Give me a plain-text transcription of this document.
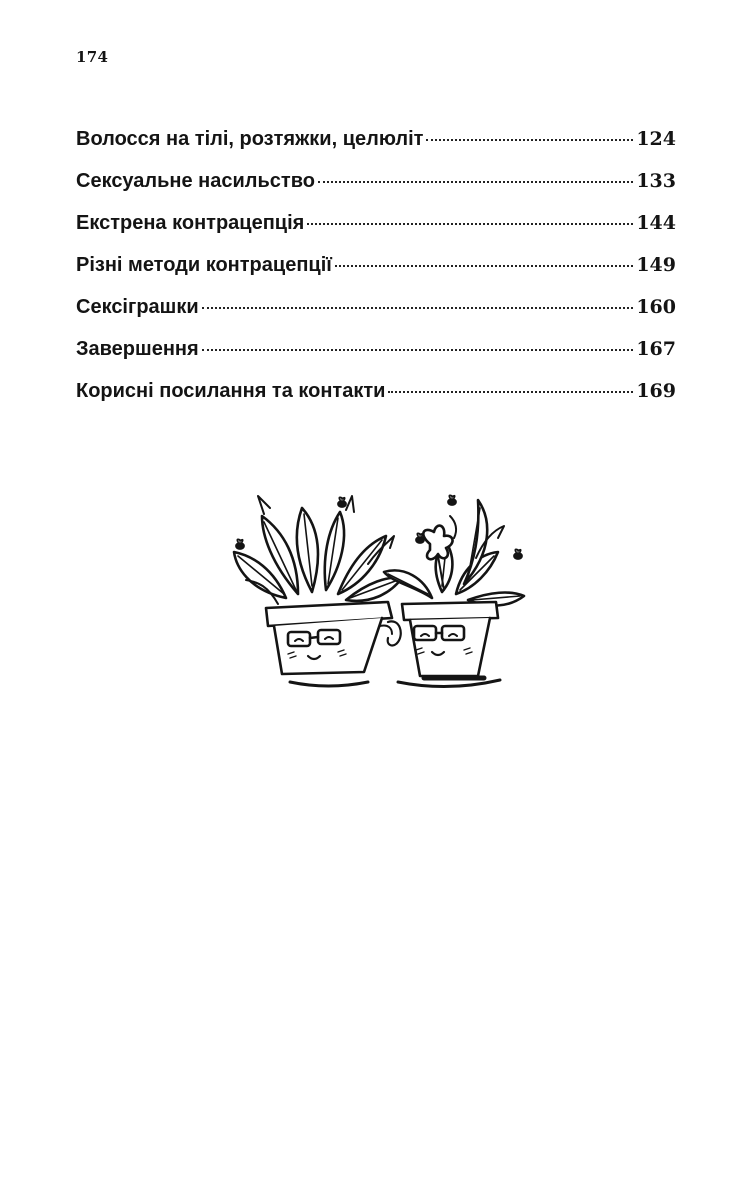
174
Волосся на тілі, розтяжки, целюліт	124
Сексуальне насильство	133
Екстрена контрацепція	144
Різні методи контрацепції	149
Сексіграшки	160
Завершення	167
Корисні посилання та контакти	169
